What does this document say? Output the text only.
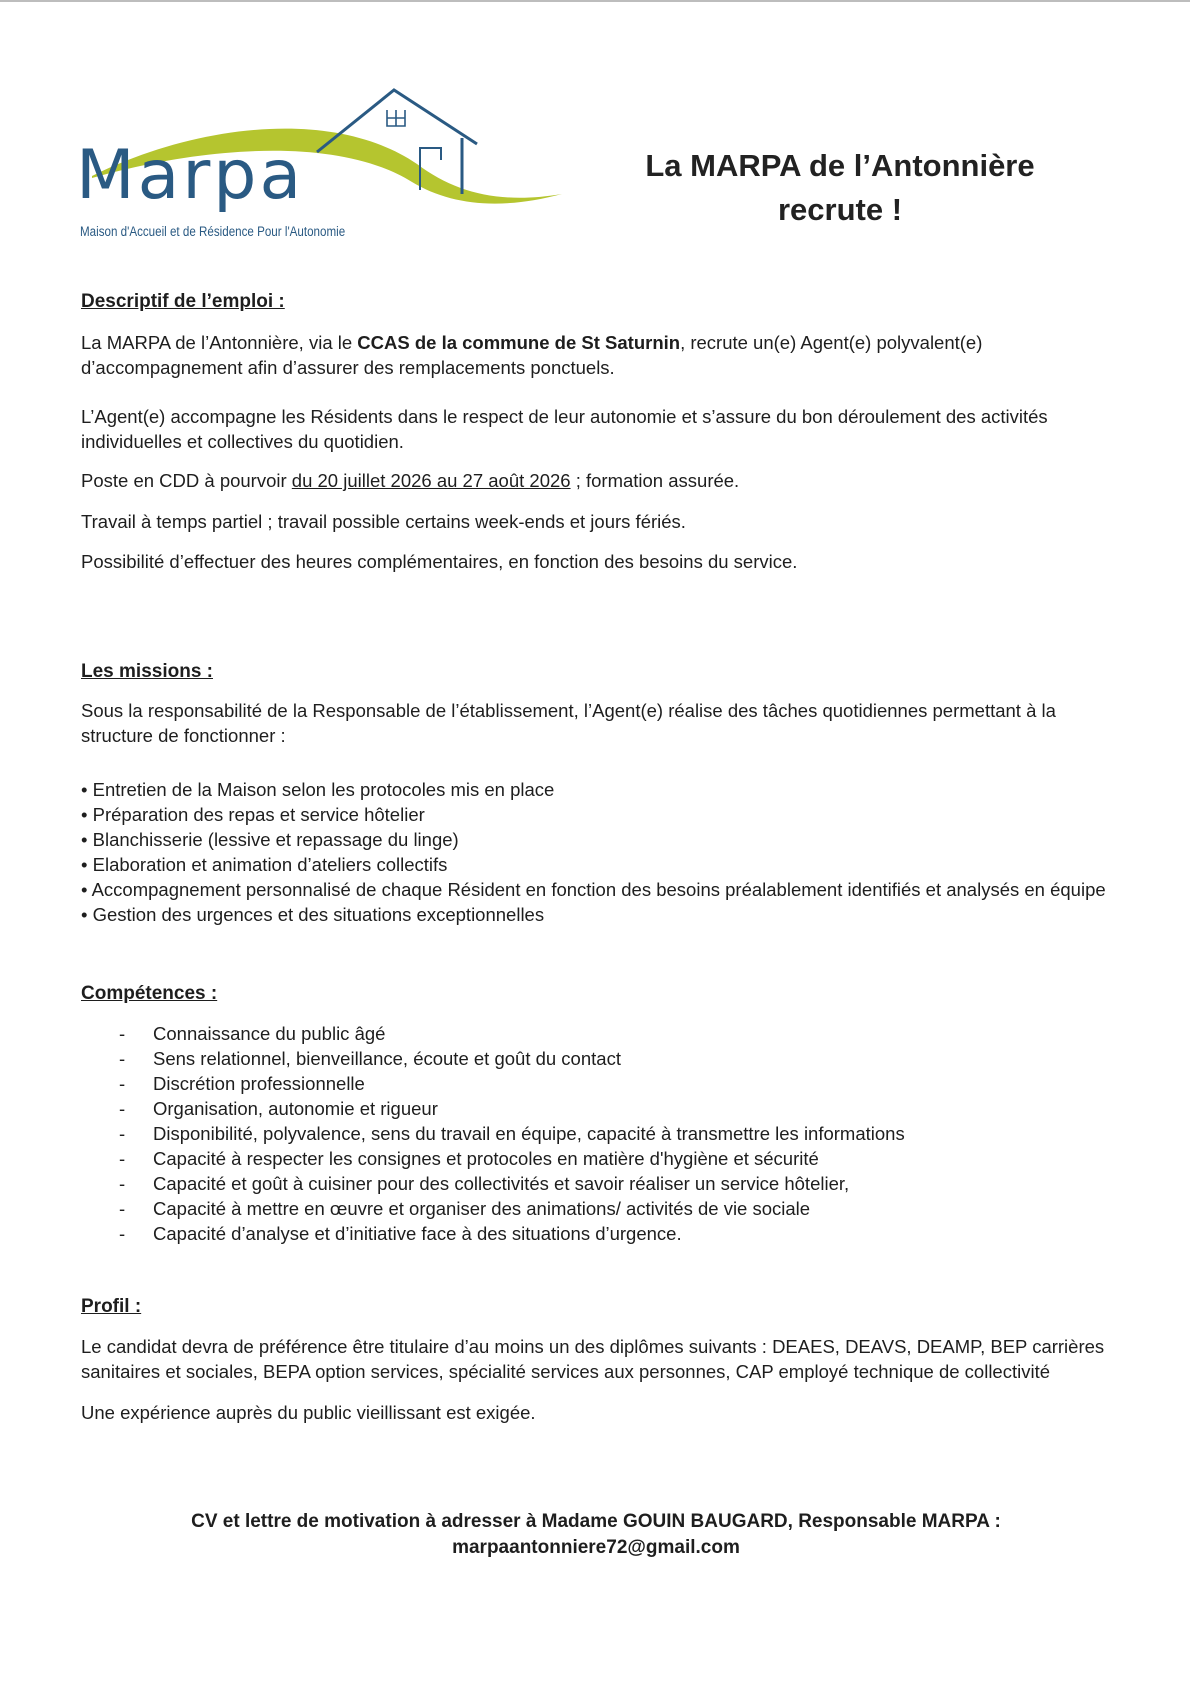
Marpa
Maison d'Accueil et de Résidence Pour l'Autonomie
La MARPA de l’Antonnière
recrute !

Descriptif de l’emploi :

La MARPA de l’Antonnière, via le CCAS de la commune de St Saturnin, recrute un(e) Agent(e) polyvalent(e) d’accompagnement afin d’assurer des remplacements ponctuels.

L’Agent(e) accompagne les Résidents dans le respect de leur autonomie et s’assure du bon déroulement des activités individuelles et collectives du quotidien.

Poste en CDD à pourvoir du 20 juillet 2026 au 27 août 2026 ; formation assurée.

Travail à temps partiel ; travail possible certains week-ends et jours fériés.

Possibilité d’effectuer des heures complémentaires, en fonction des besoins du service.

Les missions :

Sous la responsabilité de la Responsable de l’établissement, l’Agent(e) réalise des tâches quotidiennes permettant à la structure de fonctionner :

• Entretien de la Maison selon les protocoles mis en place
• Préparation des repas et service hôtelier
• Blanchisserie (lessive et repassage du linge)
• Elaboration et animation d’ateliers collectifs
• Accompagnement personnalisé de chaque Résident en fonction des besoins préalablement identifiés et analysés en équipe
• Gestion des urgences et des situations exceptionnelles

Compétences :

- Connaissance du public âgé
- Sens relationnel, bienveillance, écoute et goût du contact
- Discrétion professionnelle
- Organisation, autonomie et rigueur
- Disponibilité, polyvalence, sens du travail en équipe, capacité à transmettre les informations
- Capacité à respecter les consignes et protocoles en matière d'hygiène et sécurité
- Capacité et goût à cuisiner pour des collectivités et savoir réaliser un service hôtelier,
- Capacité à mettre en œuvre et organiser des animations/ activités de vie sociale
- Capacité d’analyse et d’initiative face à des situations d’urgence.

Profil :

Le candidat devra de préférence être titulaire d’au moins un des diplômes suivants : DEAES, DEAVS, DEAMP, BEP carrières sanitaires et sociales, BEPA option services, spécialité services aux personnes, CAP employé technique de collectivité

Une expérience auprès du public vieillissant est exigée.

CV et lettre de motivation à adresser à Madame GOUIN BAUGARD, Responsable MARPA :
marpaantonniere72@gmail.com
